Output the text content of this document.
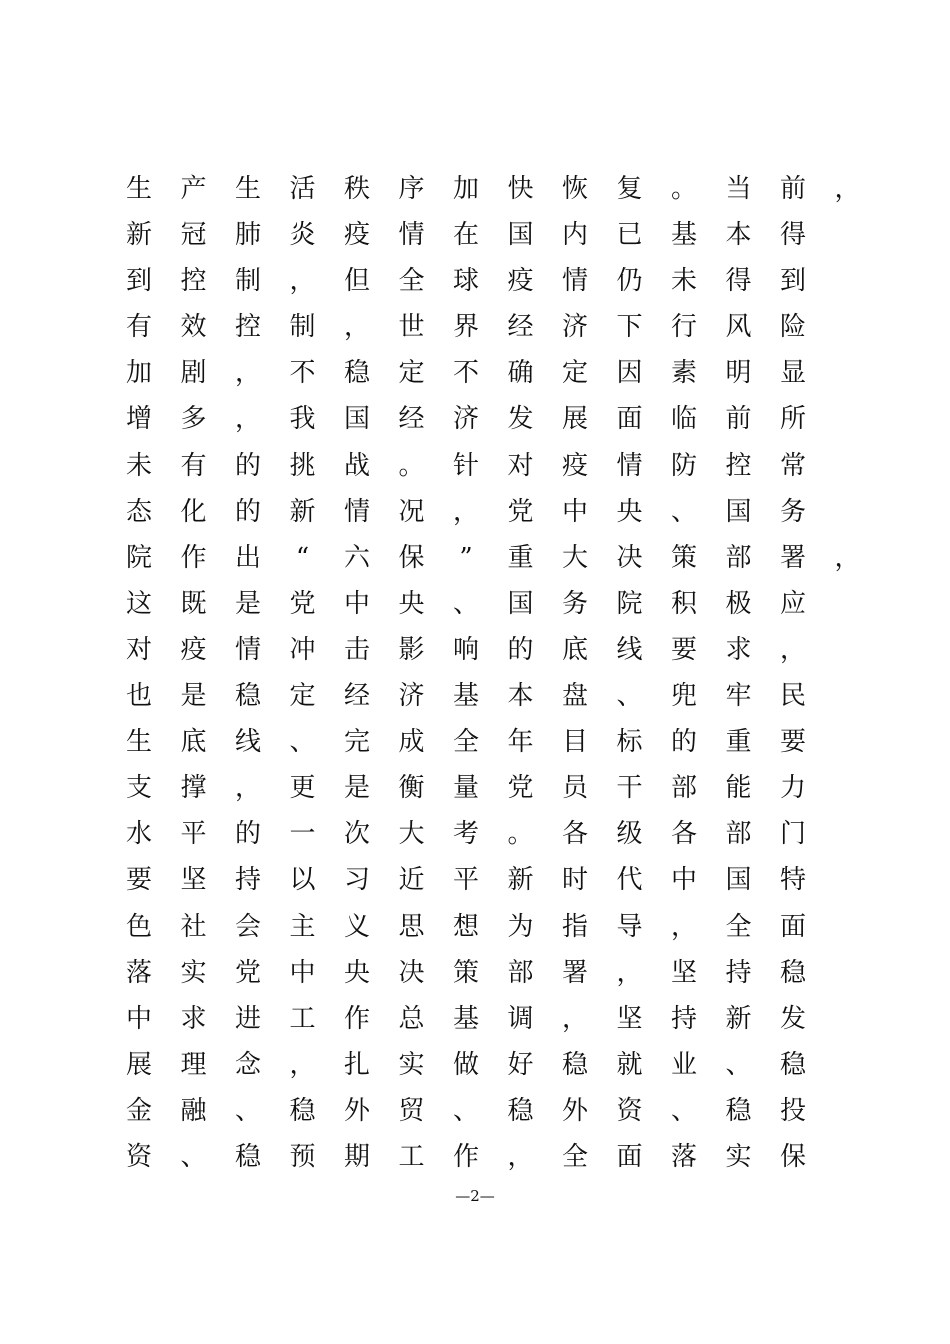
生	产	生	活	秩	序	加	快	恢	复	。	当	前	，
新	冠	肺	炎	疫	情	在	国	内	已	基	本	得
到	控	制	，	但	全	球	疫	情	仍	未	得	到
有	效	控	制	，	世	界	经	济	下	行	风	险
加	剧	，	不	稳	定	不	确	定	因	素	明	显
增	多	，	我	国	经	济	发	展	面	临	前	所
未	有	的	挑	战	。	针	对	疫	情	防	控	常
态	化	的	新	情	况	，	党	中	央	、	国	务
院	作	出	“	六	保	”	重	大	决	策	部	署	，
这	既	是	党	中	央	、	国	务	院	积	极	应
对	疫	情	冲	击	影	响	的	底	线	要	求	，
也	是	稳	定	经	济	基	本	盘	、	兜	牢	民
生	底	线	、	完	成	全	年	目	标	的	重	要
支	撑	，	更	是	衡	量	党	员	干	部	能	力
水	平	的	一	次	大	考	。	各	级	各	部	门
要	坚	持	以	习	近	平	新	时	代	中	国	特
色	社	会	主	义	思	想	为	指	导	，	全	面
落	实	党	中	央	决	策	部	署	，	坚	持	稳
中	求	进	工	作	总	基	调	，	坚	持	新	发
展	理	念	，	扎	实	做	好	稳	就	业	、	稳
金	融	、	稳	外	贸	、	稳	外	资	、	稳	投
资	、	稳	预	期	工	作	，	全	面	落	实	保
—2—
